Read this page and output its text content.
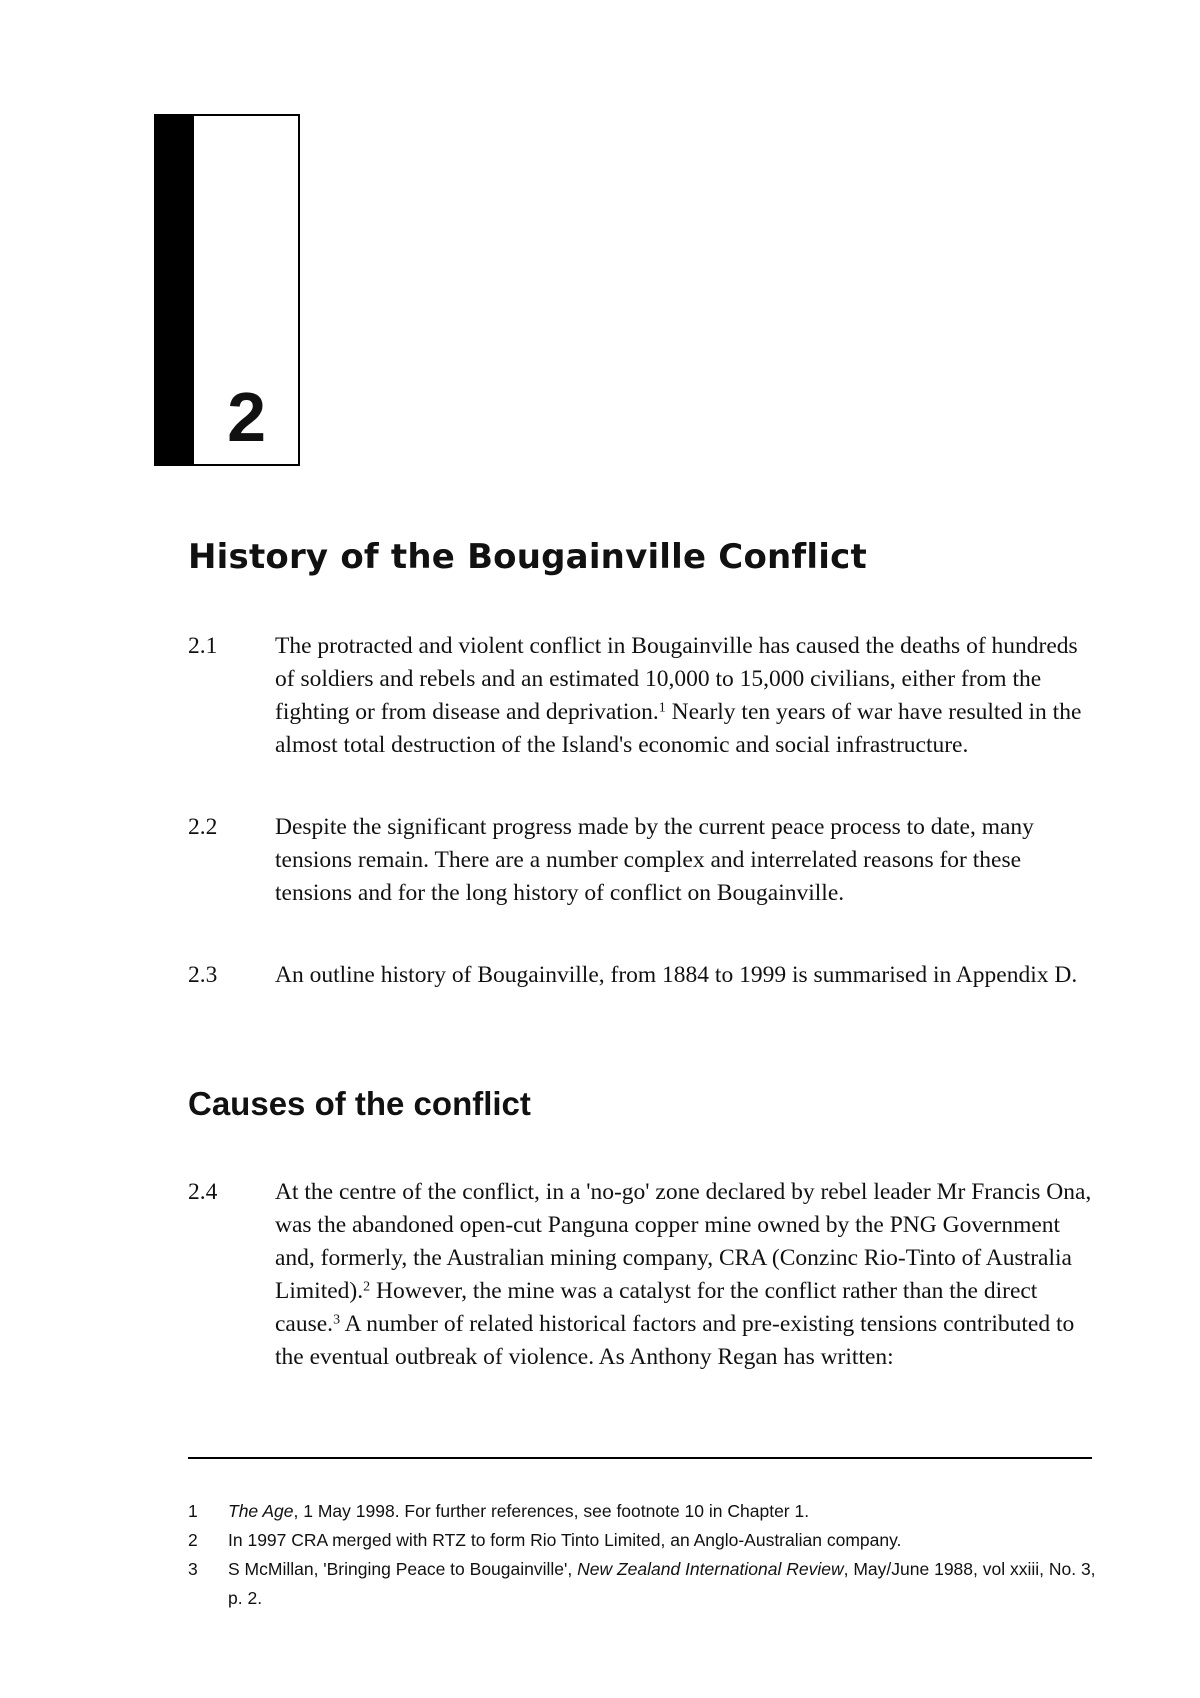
2
History of the Bougainville Conflict
2.1 The protracted and violent conflict in Bougainville has caused the deaths of hundreds of soldiers and rebels and an estimated 10,000 to 15,000 civilians, either from the fighting or from disease and deprivation.$^1$ Nearly ten years of war have resulted in the almost total destruction of the Island's economic and social infrastructure.
2.2 Despite the significant progress made by the current peace process to date, many tensions remain. There are a number complex and interrelated reasons for these tensions and for the long history of conflict on Bougainville.
2.3 An outline history of Bougainville, from 1884 to 1999 is summarised in Appendix D.
Causes of the conflict
2.4 At the centre of the conflict, in a 'no-go' zone declared by rebel leader Mr Francis Ona, was the abandoned open-cut Panguna copper mine owned by the PNG Government and, formerly, the Australian mining company, CRA (Conzinc Rio-Tinto of Australia Limited).$^2$ However, the mine was a catalyst for the conflict rather than the direct cause.$^3$ A number of related historical factors and pre-existing tensions contributed to the eventual outbreak of violence. As Anthony Regan has written:
1 The Age, 1 May 1998. For further references, see footnote 10 in Chapter 1.
2 In 1997 CRA merged with RTZ to form Rio Tinto Limited, an Anglo-Australian company.
3 S McMillan, 'Bringing Peace to Bougainville', New Zealand International Review, May/June 1988, vol xxiii, No. 3, p. 2.
